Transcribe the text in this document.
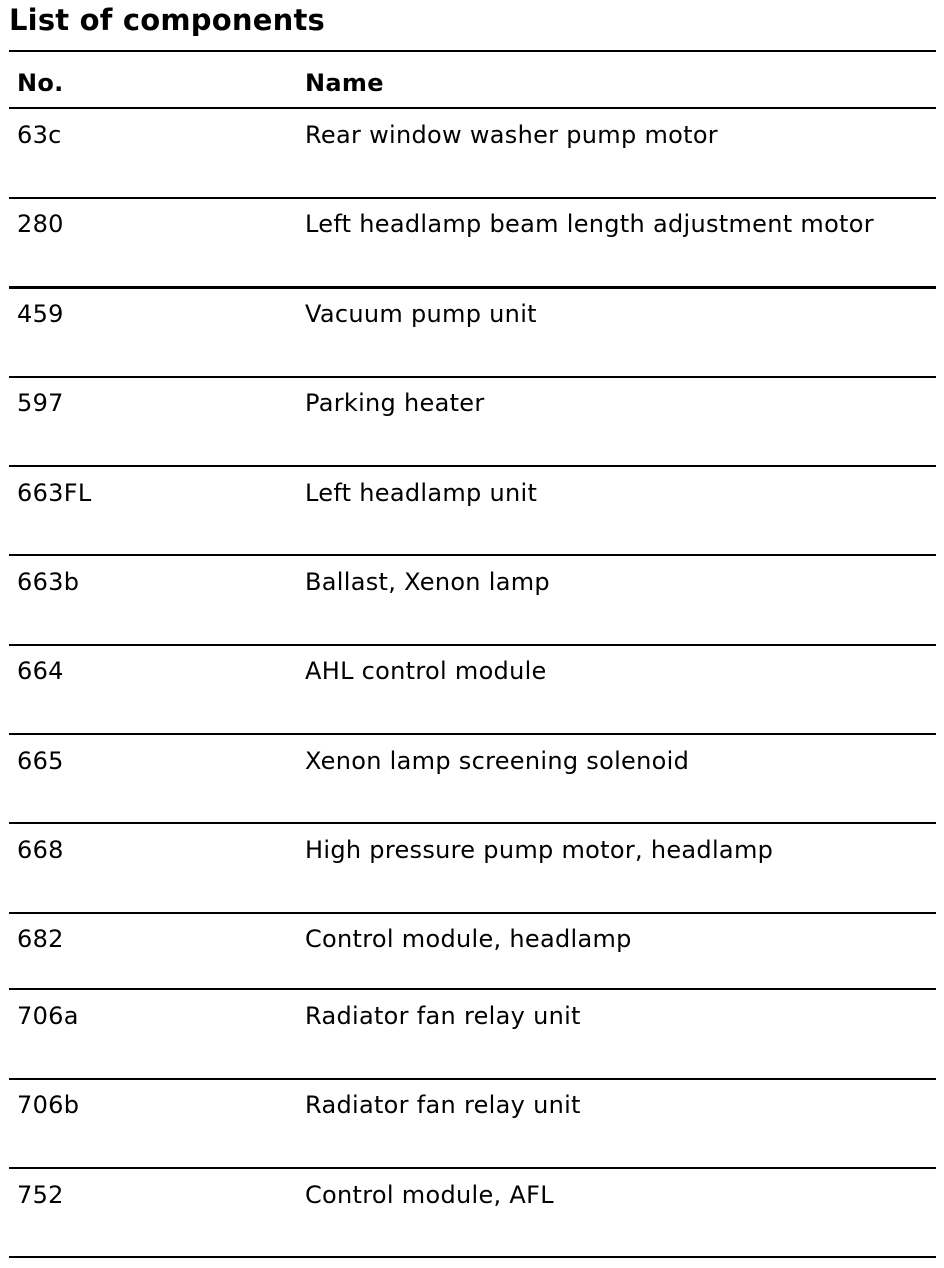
List of components
No.	Name
63c	Rear window washer pump motor
280	Left headlamp beam length adjustment motor
459	Vacuum pump unit
597	Parking heater
663FL	Left headlamp unit
663b	Ballast, Xenon lamp
664	AHL control module
665	Xenon lamp screening solenoid
668	High pressure pump motor, headlamp
682	Control module, headlamp
706a	Radiator fan relay unit
706b	Radiator fan relay unit
752	Control module, AFL
